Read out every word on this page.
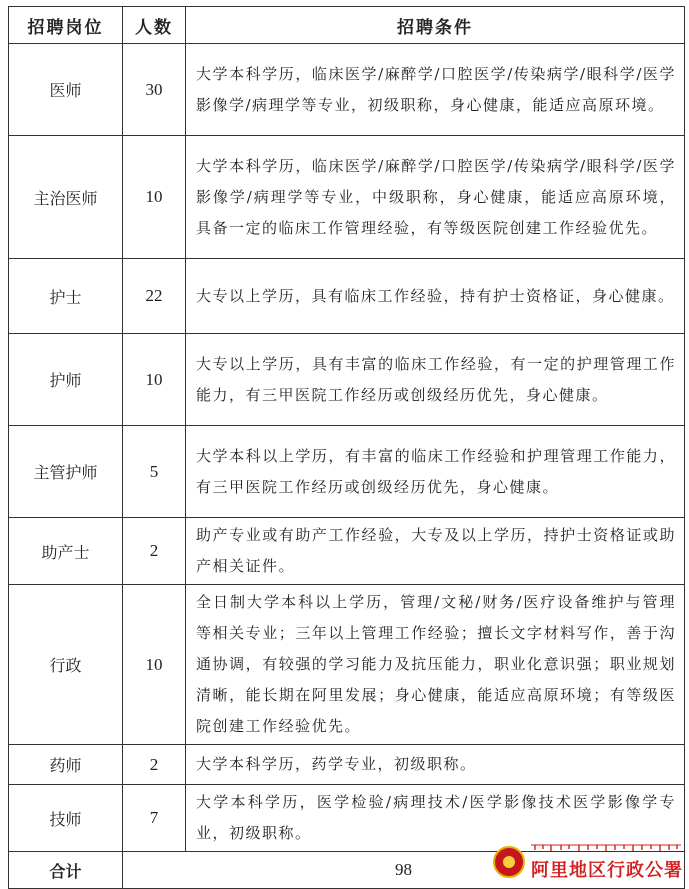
招聘岗位	人数	招聘条件
医师	30	大学本科学历，临床医学/麻醉学/口腔医学/传染病学/眼科学/医学影像学/病理学等专业，初级职称，身心健康，能适应高原环境。
主治医师	10	大学本科学历，临床医学/麻醉学/口腔医学/传染病学/眼科学/医学影像学/病理学等专业，中级职称，身心健康，能适应高原环境，具备一定的临床工作管理经验，有等级医院创建工作经验优先。
护士	22	大专以上学历，具有临床工作经验，持有护士资格证，身心健康。
护师	10	大专以上学历，具有丰富的临床工作经验，有一定的护理管理工作能力，有三甲医院工作经历或创级经历优先，身心健康。
主管护师	5	大学本科以上学历，有丰富的临床工作经验和护理管理工作能力，有三甲医院工作经历或创级经历优先，身心健康。
助产士	2	助产专业或有助产工作经验，大专及以上学历，持护士资格证或助产相关证件。
行政	10	全日制大学本科以上学历，管理/文秘/财务/医疗设备维护与管理等相关专业；三年以上管理工作经验；擅长文字材料写作，善于沟通协调，有较强的学习能力及抗压能力，职业化意识强；职业规划清晰，能长期在阿里发展；身心健康，能适应高原环境；有等级医院创建工作经验优先。
药师	2	大学本科学历，药学专业，初级职称。
技师	7	大学本科学历，医学检验/病理技术/医学影像技术医学影像学专业，初级职称。
合计	98		阿里地区行政公署
